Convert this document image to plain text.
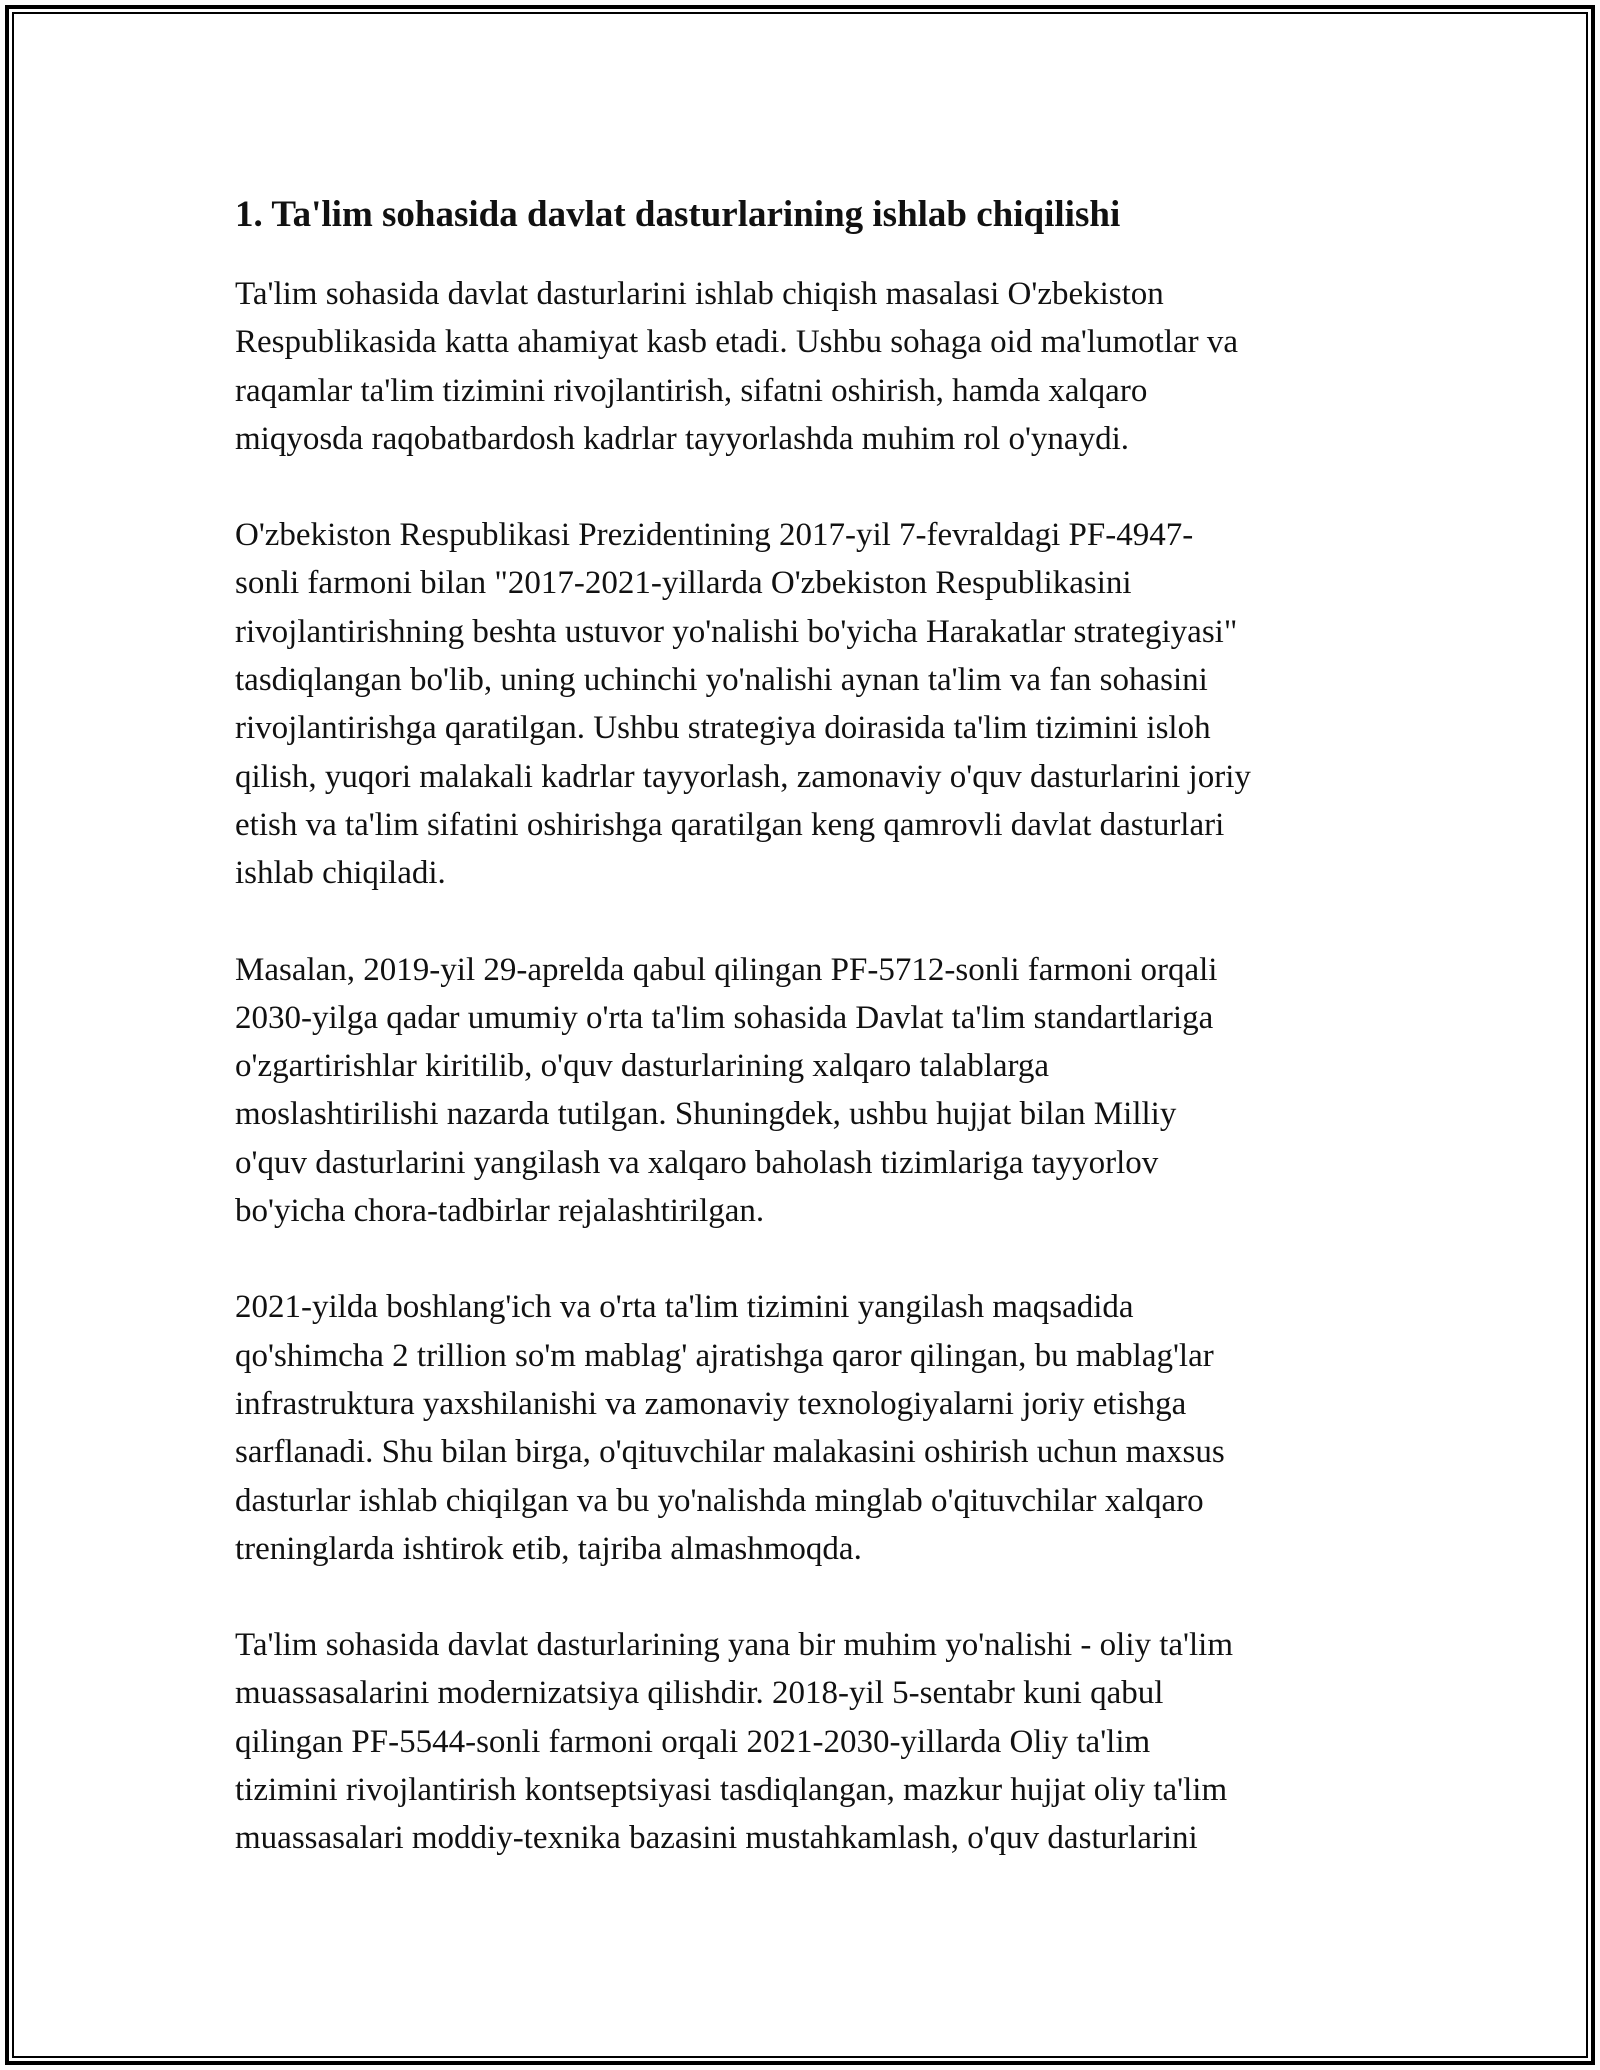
1. Ta'lim sohasida davlat dasturlarining ishlab chiqilishi

Ta'lim sohasida davlat dasturlarini ishlab chiqish masalasi O'zbekiston
Respublikasida katta ahamiyat kasb etadi. Ushbu sohaga oid ma'lumotlar va
raqamlar ta'lim tizimini rivojlantirish, sifatni oshirish, hamda xalqaro
miqyosda raqobatbardosh kadrlar tayyorlashda muhim rol o'ynaydi.

O'zbekiston Respublikasi Prezidentining 2017-yil 7-fevraldagi PF-4947-
sonli farmoni bilan "2017-2021-yillarda O'zbekiston Respublikasini
rivojlantirishning beshta ustuvor yo'nalishi bo'yicha Harakatlar strategiyasi"
tasdiqlangan bo'lib, uning uchinchi yo'nalishi aynan ta'lim va fan sohasini
rivojlantirishga qaratilgan. Ushbu strategiya doirasida ta'lim tizimini isloh
qilish, yuqori malakali kadrlar tayyorlash, zamonaviy o'quv dasturlarini joriy
etish va ta'lim sifatini oshirishga qaratilgan keng qamrovli davlat dasturlari
ishlab chiqiladi.

Masalan, 2019-yil 29-aprelda qabul qilingan PF-5712-sonli farmoni orqali
2030-yilga qadar umumiy o'rta ta'lim sohasida Davlat ta'lim standartlariga
o'zgartirishlar kiritilib, o'quv dasturlarining xalqaro talablarga
moslashtirilishi nazarda tutilgan. Shuningdek, ushbu hujjat bilan Milliy
o'quv dasturlarini yangilash va xalqaro baholash tizimlariga tayyorlov
bo'yicha chora-tadbirlar rejalashtirilgan.

2021-yilda boshlang'ich va o'rta ta'lim tizimini yangilash maqsadida
qo'shimcha 2 trillion so'm mablag' ajratishga qaror qilingan, bu mablag'lar
infrastruktura yaxshilanishi va zamonaviy texnologiyalarni joriy etishga
sarflanadi. Shu bilan birga, o'qituvchilar malakasini oshirish uchun maxsus
dasturlar ishlab chiqilgan va bu yo'nalishda minglab o'qituvchilar xalqaro
treninglarda ishtirok etib, tajriba almashmoqda.

Ta'lim sohasida davlat dasturlarining yana bir muhim yo'nalishi - oliy ta'lim
muassasalarini modernizatsiya qilishdir. 2018-yil 5-sentabr kuni qabul
qilingan PF-5544-sonli farmoni orqali 2021-2030-yillarda Oliy ta'lim
tizimini rivojlantirish kontseptsiyasi tasdiqlangan, mazkur hujjat oliy ta'lim
muassasalari moddiy-texnika bazasini mustahkamlash, o'quv dasturlarini
